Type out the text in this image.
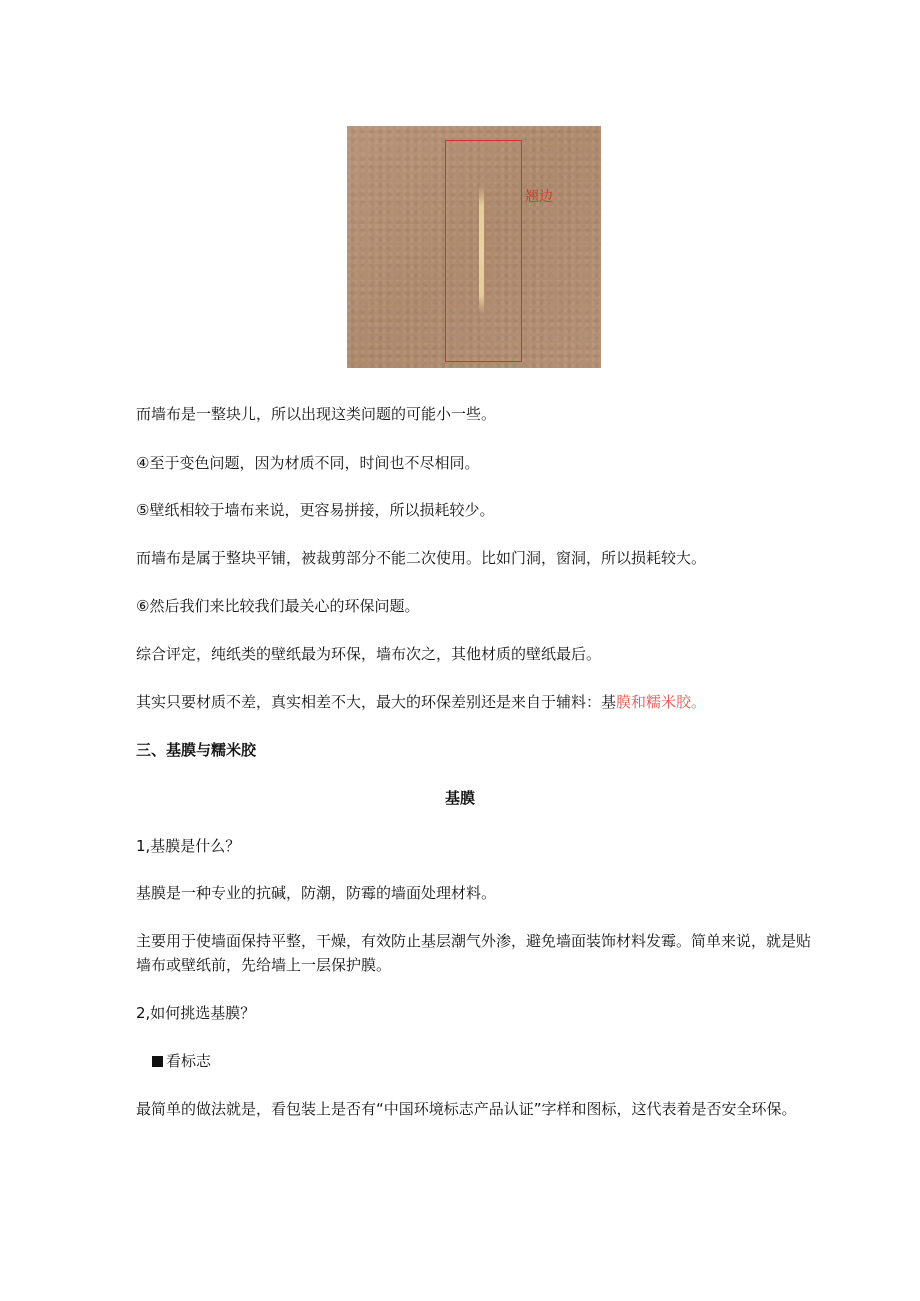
翘边
而墙布是一整块儿，所以出现这类问题的可能小一些。
④至于变色问题，因为材质不同，时间也不尽相同。
⑤壁纸相较于墙布来说，更容易拼接，所以损耗较少。
而墙布是属于整块平铺，被裁剪部分不能二次使用。比如门洞，窗洞，所以损耗较大。
⑥然后我们来比较我们最关心的环保问题。
综合评定，纯纸类的壁纸最为环保，墙布次之，其他材质的壁纸最后。
其实只要材质不差，真实相差不大，最大的环保差别还是来自于辅料：基膜和糯米胶。
三、基膜与糯米胶
基膜
1,基膜是什么？
基膜是一种专业的抗碱，防潮，防霉的墙面处理材料。
主要用于使墙面保持平整，干燥，有效防止基层潮气外渗，避免墙面装饰材料发霉。简单来说，就是贴墙布或壁纸前，先给墙上一层保护膜。
2,如何挑选基膜？
看标志
最简单的做法就是，看包装上是否有“中国环境标志产品认证”字样和图标，这代表着是否安全环保。
